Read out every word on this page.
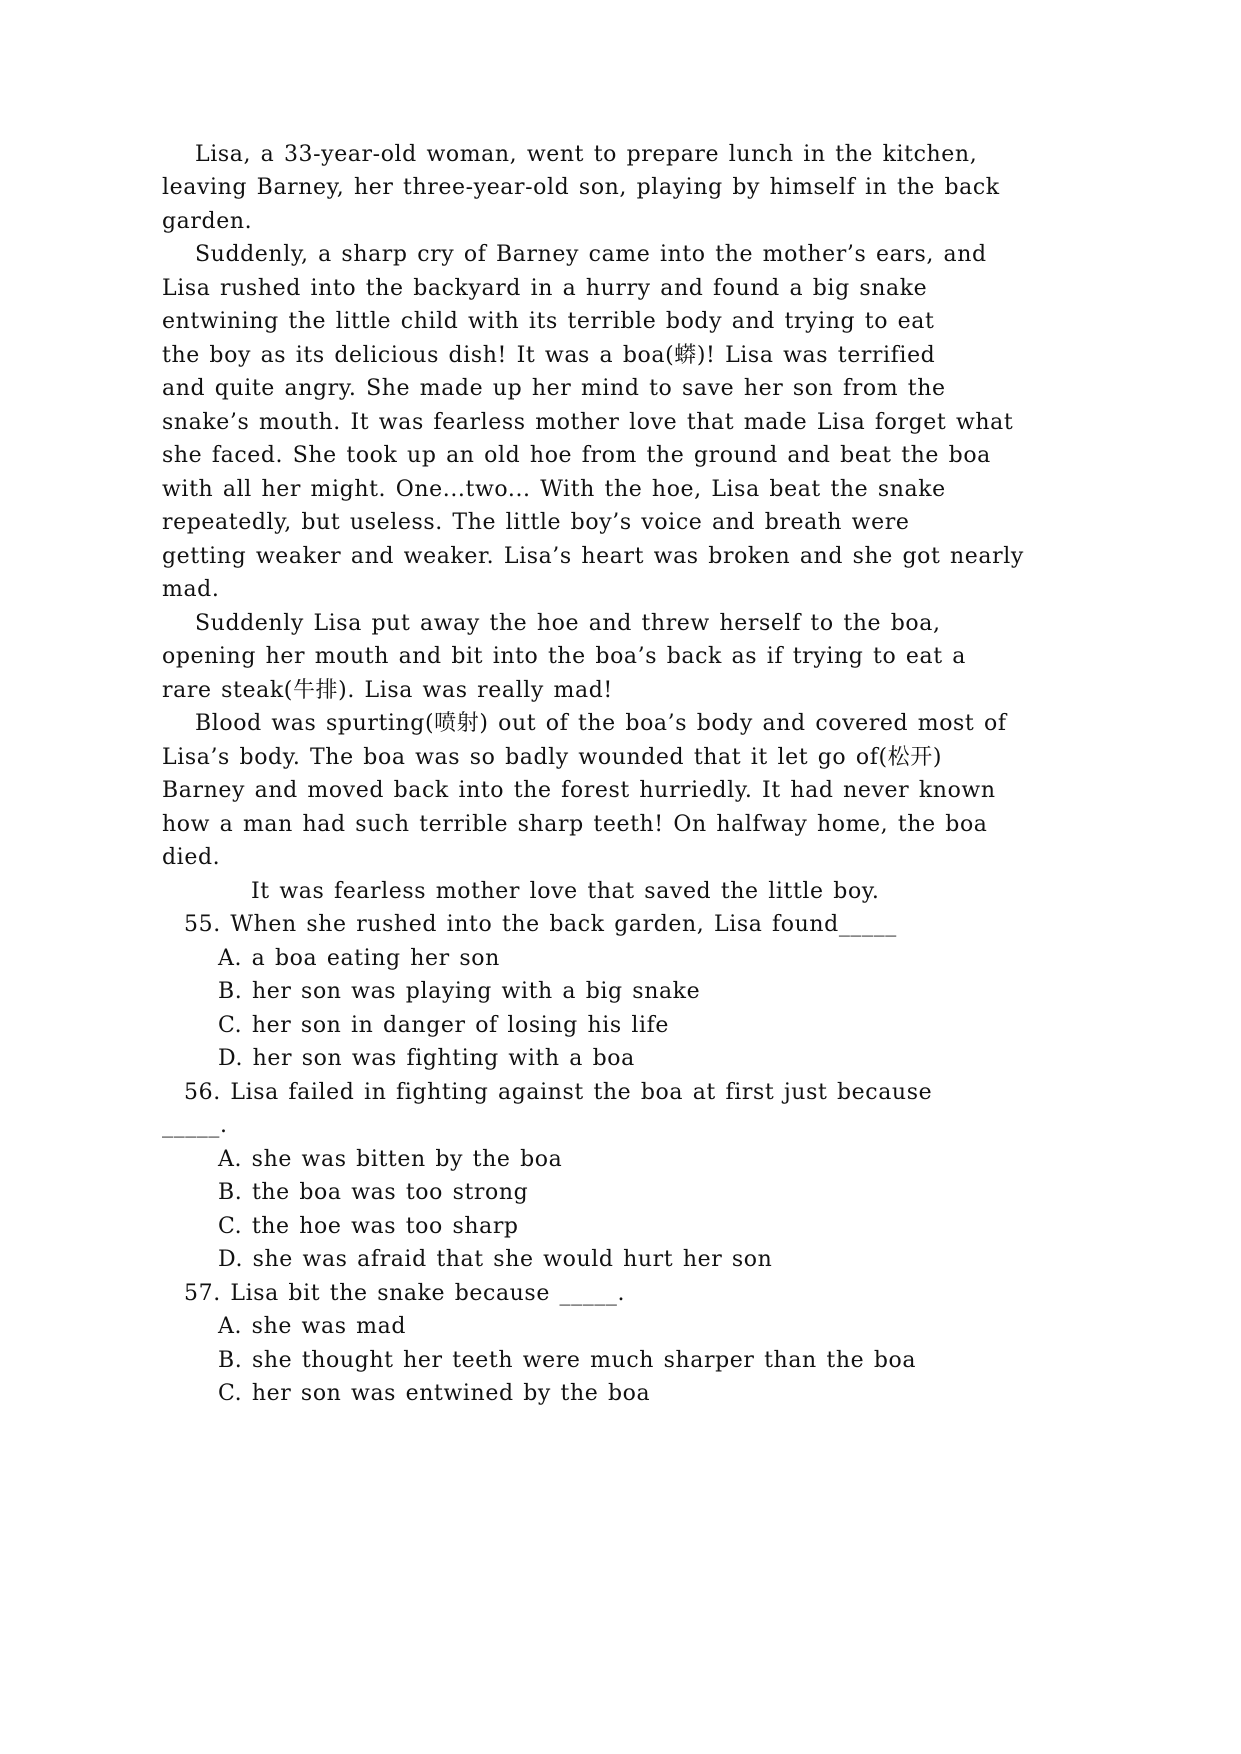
Lisa, a 33-year-old woman, went to prepare lunch in the kitchen,
leaving Barney, her three-year-old son, playing by himself in the back
garden.
Suddenly, a sharp cry of Barney came into the mother’s ears, and
Lisa rushed into the backyard in a hurry and found a big snake
entwining the little child with its terrible body and trying to eat
the boy as its delicious dish! It was a boa(蟒)! Lisa was terrified
and quite angry. She made up her mind to save her son from the
snake’s mouth. It was fearless mother love that made Lisa forget what
she faced. She took up an old hoe from the ground and beat the boa
with all her might. One...two... With the hoe, Lisa beat the snake
repeatedly, but useless. The little boy’s voice and breath were
getting weaker and weaker. Lisa’s heart was broken and she got nearly
mad.
Suddenly Lisa put away the hoe and threw herself to the boa,
opening her mouth and bit into the boa’s back as if trying to eat a
rare steak(牛排). Lisa was really mad!
Blood was spurting(喷射) out of the boa’s body and covered most of
Lisa’s body. The boa was so badly wounded that it let go of(松开)
Barney and moved back into the forest hurriedly. It had never known
how a man had such terrible sharp teeth! On halfway home, the boa
died.
It was fearless mother love that saved the little boy.
55. When she rushed into the back garden, Lisa found_____
A. a boa eating her son
B. her son was playing with a big snake
C. her son in danger of losing his life
D. her son was fighting with a boa
56. Lisa failed in fighting against the boa at first just because
_____.
A. she was bitten by the boa
B. the boa was too strong
C. the hoe was too sharp
D. she was afraid that she would hurt her son
57. Lisa bit the snake because _____.
A. she was mad
B. she thought her teeth were much sharper than the boa
C. her son was entwined by the boa
